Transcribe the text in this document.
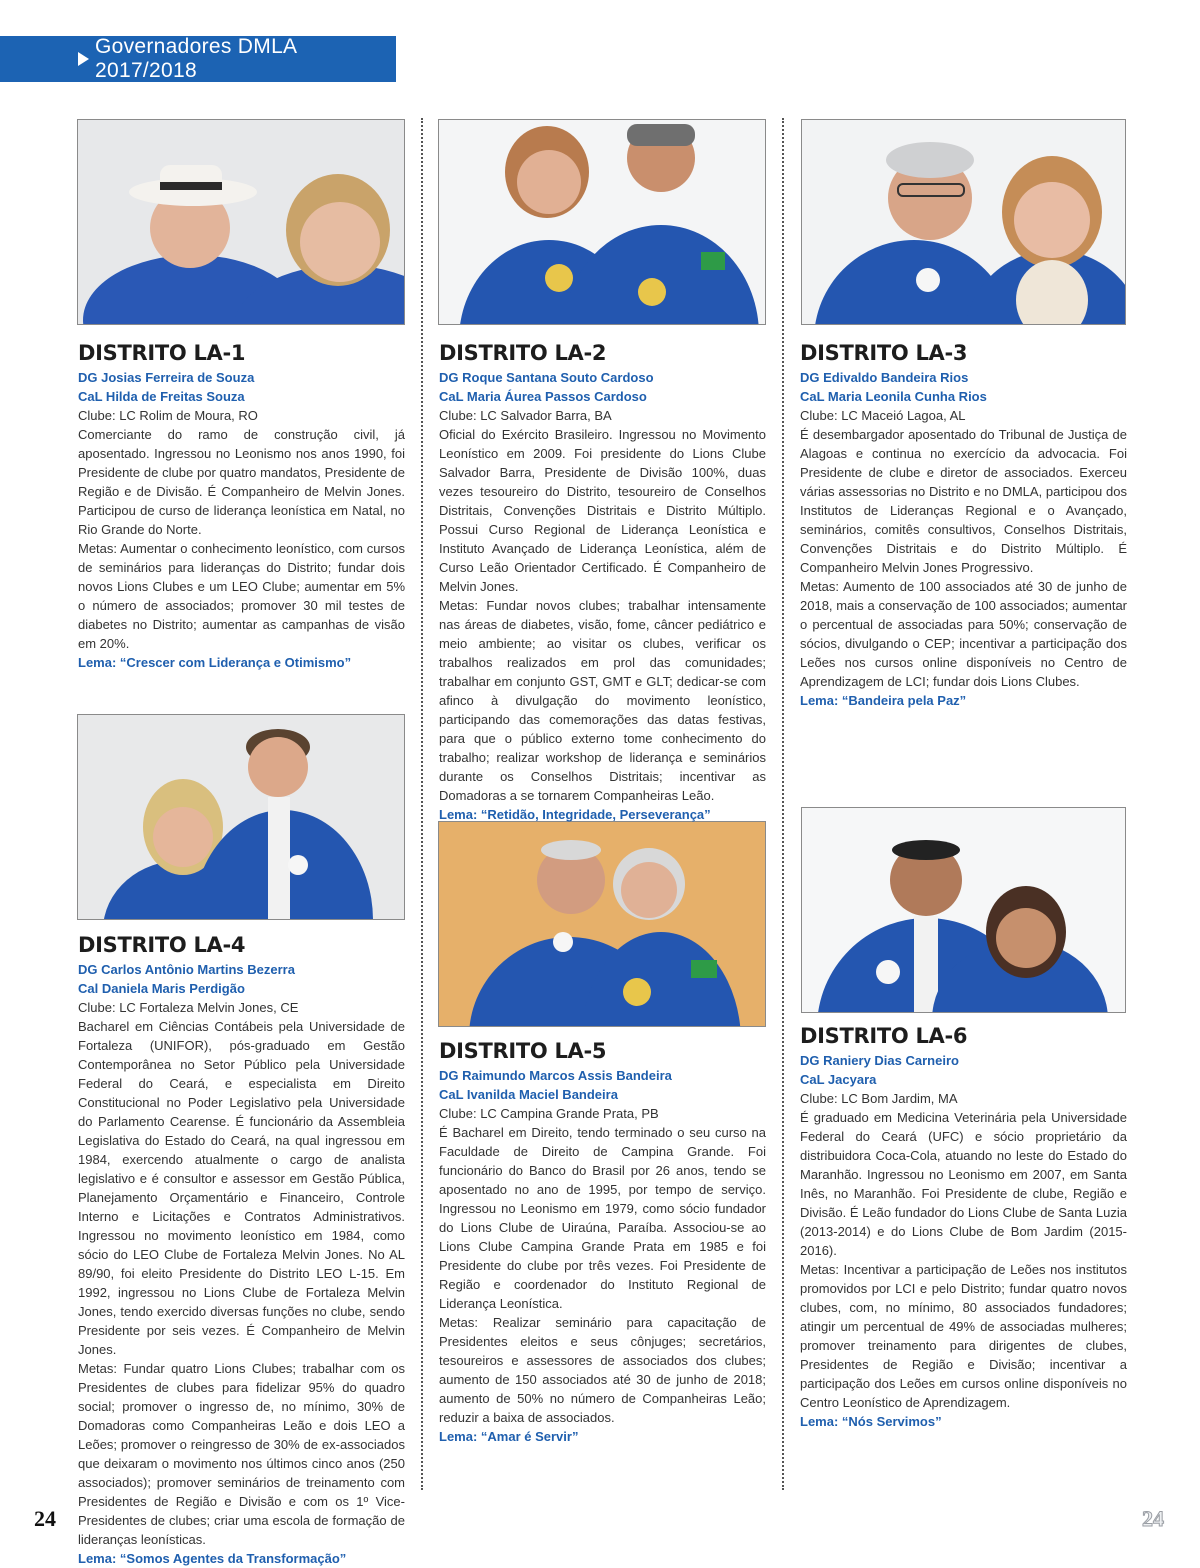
Governadores DMLA 2017/2018
DISTRITO LA-1
DG Josias Ferreira de Souza
CaL Hilda de Freitas Souza
Clube: LC Rolim de Moura, RO

Comerciante do ramo de construção civil, já aposentado. Ingressou no Leonismo nos anos 1990, foi Presidente de clube por quatro mandatos, Presidente de Região e de Divisão. É Companheiro de Melvin Jones. Participou de curso de liderança leonística em Natal, no Rio Grande do Norte.

Metas: Aumentar o conhecimento leonístico, com cursos de seminários para lideranças do Distrito; fundar dois novos Lions Clubes e um LEO Clube; aumentar em 5% o número de associados; promover 30 mil testes de diabetes no Distrito; aumentar as campanhas de visão em 20%.

Lema: “Crescer com Liderança e Otimismo”
DISTRITO LA-2
DG Roque Santana Souto Cardoso
CaL Maria Áurea Passos Cardoso
Clube: LC Salvador Barra, BA

Oficial do Exército Brasileiro. Ingressou no Movimento Leonístico em 2009. Foi presidente do Lions Clube Salvador Barra, Presidente de Divisão 100%, duas vezes tesoureiro do Distrito, tesoureiro de Conselhos Distritais, Convenções Distritais e Distrito Múltiplo. Possui Curso Regional de Liderança Leonística e Instituto Avançado de Liderança Leonística, além de Curso Leão Orientador Certificado. É Companheiro de Melvin Jones.

Metas: Fundar novos clubes; trabalhar intensamente nas áreas de diabetes, visão, fome, câncer pediátrico e meio ambiente; ao visitar os clubes, verificar os trabalhos realizados em prol das comunidades; trabalhar em conjunto GST, GMT e GLT; dedicar-se com afinco à divulgação do movimento leonístico, participando das comemorações das datas festivas, para que o público externo tome conhecimento do trabalho; realizar workshop de liderança e seminários durante os Conselhos Distritais; incentivar as Domadoras a se tornarem Companheiras Leão.

Lema: “Retidão, Integridade, Perseverança”
DISTRITO LA-3
DG Edivaldo Bandeira Rios
CaL Maria Leonila Cunha Rios
Clube: LC Maceió Lagoa, AL

É desembargador aposentado do Tribunal de Justiça de Alagoas e continua no exercício da advocacia. Foi Presidente de clube e diretor de associados. Exerceu várias assessorias no Distrito e no DMLA, participou dos Institutos de Lideranças Regional e o Avançado, seminários, comitês consultivos, Conselhos Distritais, Convenções Distritais e do Distrito Múltiplo. É Companheiro Melvin Jones Progressivo.

Metas: Aumento de 100 associados até 30 de junho de 2018, mais a conservação de 100 associados; aumentar o percentual de associadas para 50%; conservação de sócios, divulgando o CEP; incentivar a participação dos Leões nos cursos online disponíveis no Centro de Aprendizagem de LCI; fundar dois Lions Clubes.

Lema: “Bandeira pela Paz”
DISTRITO LA-4
DG Carlos Antônio Martins Bezerra
Cal Daniela Maris Perdigão
Clube: LC Fortaleza Melvin Jones, CE

Bacharel em Ciências Contábeis pela Universidade de Fortaleza (UNIFOR), pós-graduado em Gestão Contemporânea no Setor Público pela Universidade Federal do Ceará, e especialista em Direito Constitucional no Poder Legislativo pela Universidade do Parlamento Cearense. É funcionário da Assembleia Legislativa do Estado do Ceará, na qual ingressou em 1984, exercendo atualmente o cargo de analista legislativo e é consultor e assessor em Gestão Pública, Planejamento Orçamentário e Financeiro, Controle Interno e Licitações e Contratos Administrativos. Ingressou no movimento leonístico em 1984, como sócio do LEO Clube de Fortaleza Melvin Jones. No AL 89/90, foi eleito Presidente do Distrito LEO L-15. Em 1992, ingressou no Lions Clube de Fortaleza Melvin Jones, tendo exercido diversas funções no clube, sendo Presidente por seis vezes. É Companheiro de Melvin Jones.

Metas: Fundar quatro Lions Clubes; trabalhar com os Presidentes de clubes para fidelizar 95% do quadro social; promover o ingresso de, no mínimo, 30% de Domadoras como Companheiras Leão e dois LEO a Leões; promover o reingresso de 30% de ex-associados que deixaram o movimento nos últimos cinco anos (250 associados); promover seminários de treinamento com Presidentes de Região e Divisão e com os 1º Vice-Presidentes de clubes; criar uma escola de formação de lideranças leonísticas.

Lema: “Somos Agentes da Transformação”
DISTRITO LA-5
DG Raimundo Marcos Assis Bandeira
CaL Ivanilda Maciel Bandeira
Clube: LC Campina Grande Prata, PB

É Bacharel em Direito, tendo terminado o seu curso na Faculdade de Direito de Campina Grande. Foi funcionário do Banco do Brasil por 26 anos, tendo se aposentado no ano de 1995, por tempo de serviço. Ingressou no Leonismo em 1979, como sócio fundador do Lions Clube de Uiraúna, Paraíba. Associou-se ao Lions Clube Campina Grande Prata em 1985 e foi Presidente do clube por três vezes. Foi Presidente de Região e coordenador do Instituto Regional de Liderança Leonística.

Metas: Realizar seminário para capacitação de Presidentes eleitos e seus cônjuges; secretários, tesoureiros e assessores de associados dos clubes; aumento de 150 associados até 30 de junho de 2018; aumento de 50% no número de Companheiras Leão; reduzir a baixa de associados.

Lema: “Amar é Servir”
DISTRITO LA-6
DG Raniery Dias Carneiro
CaL Jacyara
Clube: LC Bom Jardim, MA

É graduado em Medicina Veterinária pela Universidade Federal do Ceará (UFC) e sócio proprietário da distribuidora Coca-Cola, atuando no leste do Estado do Maranhão. Ingressou no Leonismo em 2007, em Santa Inês, no Maranhão. Foi Presidente de clube, Região e Divisão. É Leão fundador do Lions Clube de Santa Luzia (2013-2014) e do Lions Clube de Bom Jardim (2015-2016).

Metas: Incentivar a participação de Leões nos institutos promovidos por LCI e pelo Distrito; fundar quatro novos clubes, com, no mínimo, 80 associados fundadores; atingir um percentual de 49% de associadas mulheres; promover treinamento para dirigentes de clubes, Presidentes de Região e Divisão; incentivar a participação dos Leões em cursos online disponíveis no Centro Leonístico de Aprendizagem.

Lema: “Nós Servimos”
24	24
